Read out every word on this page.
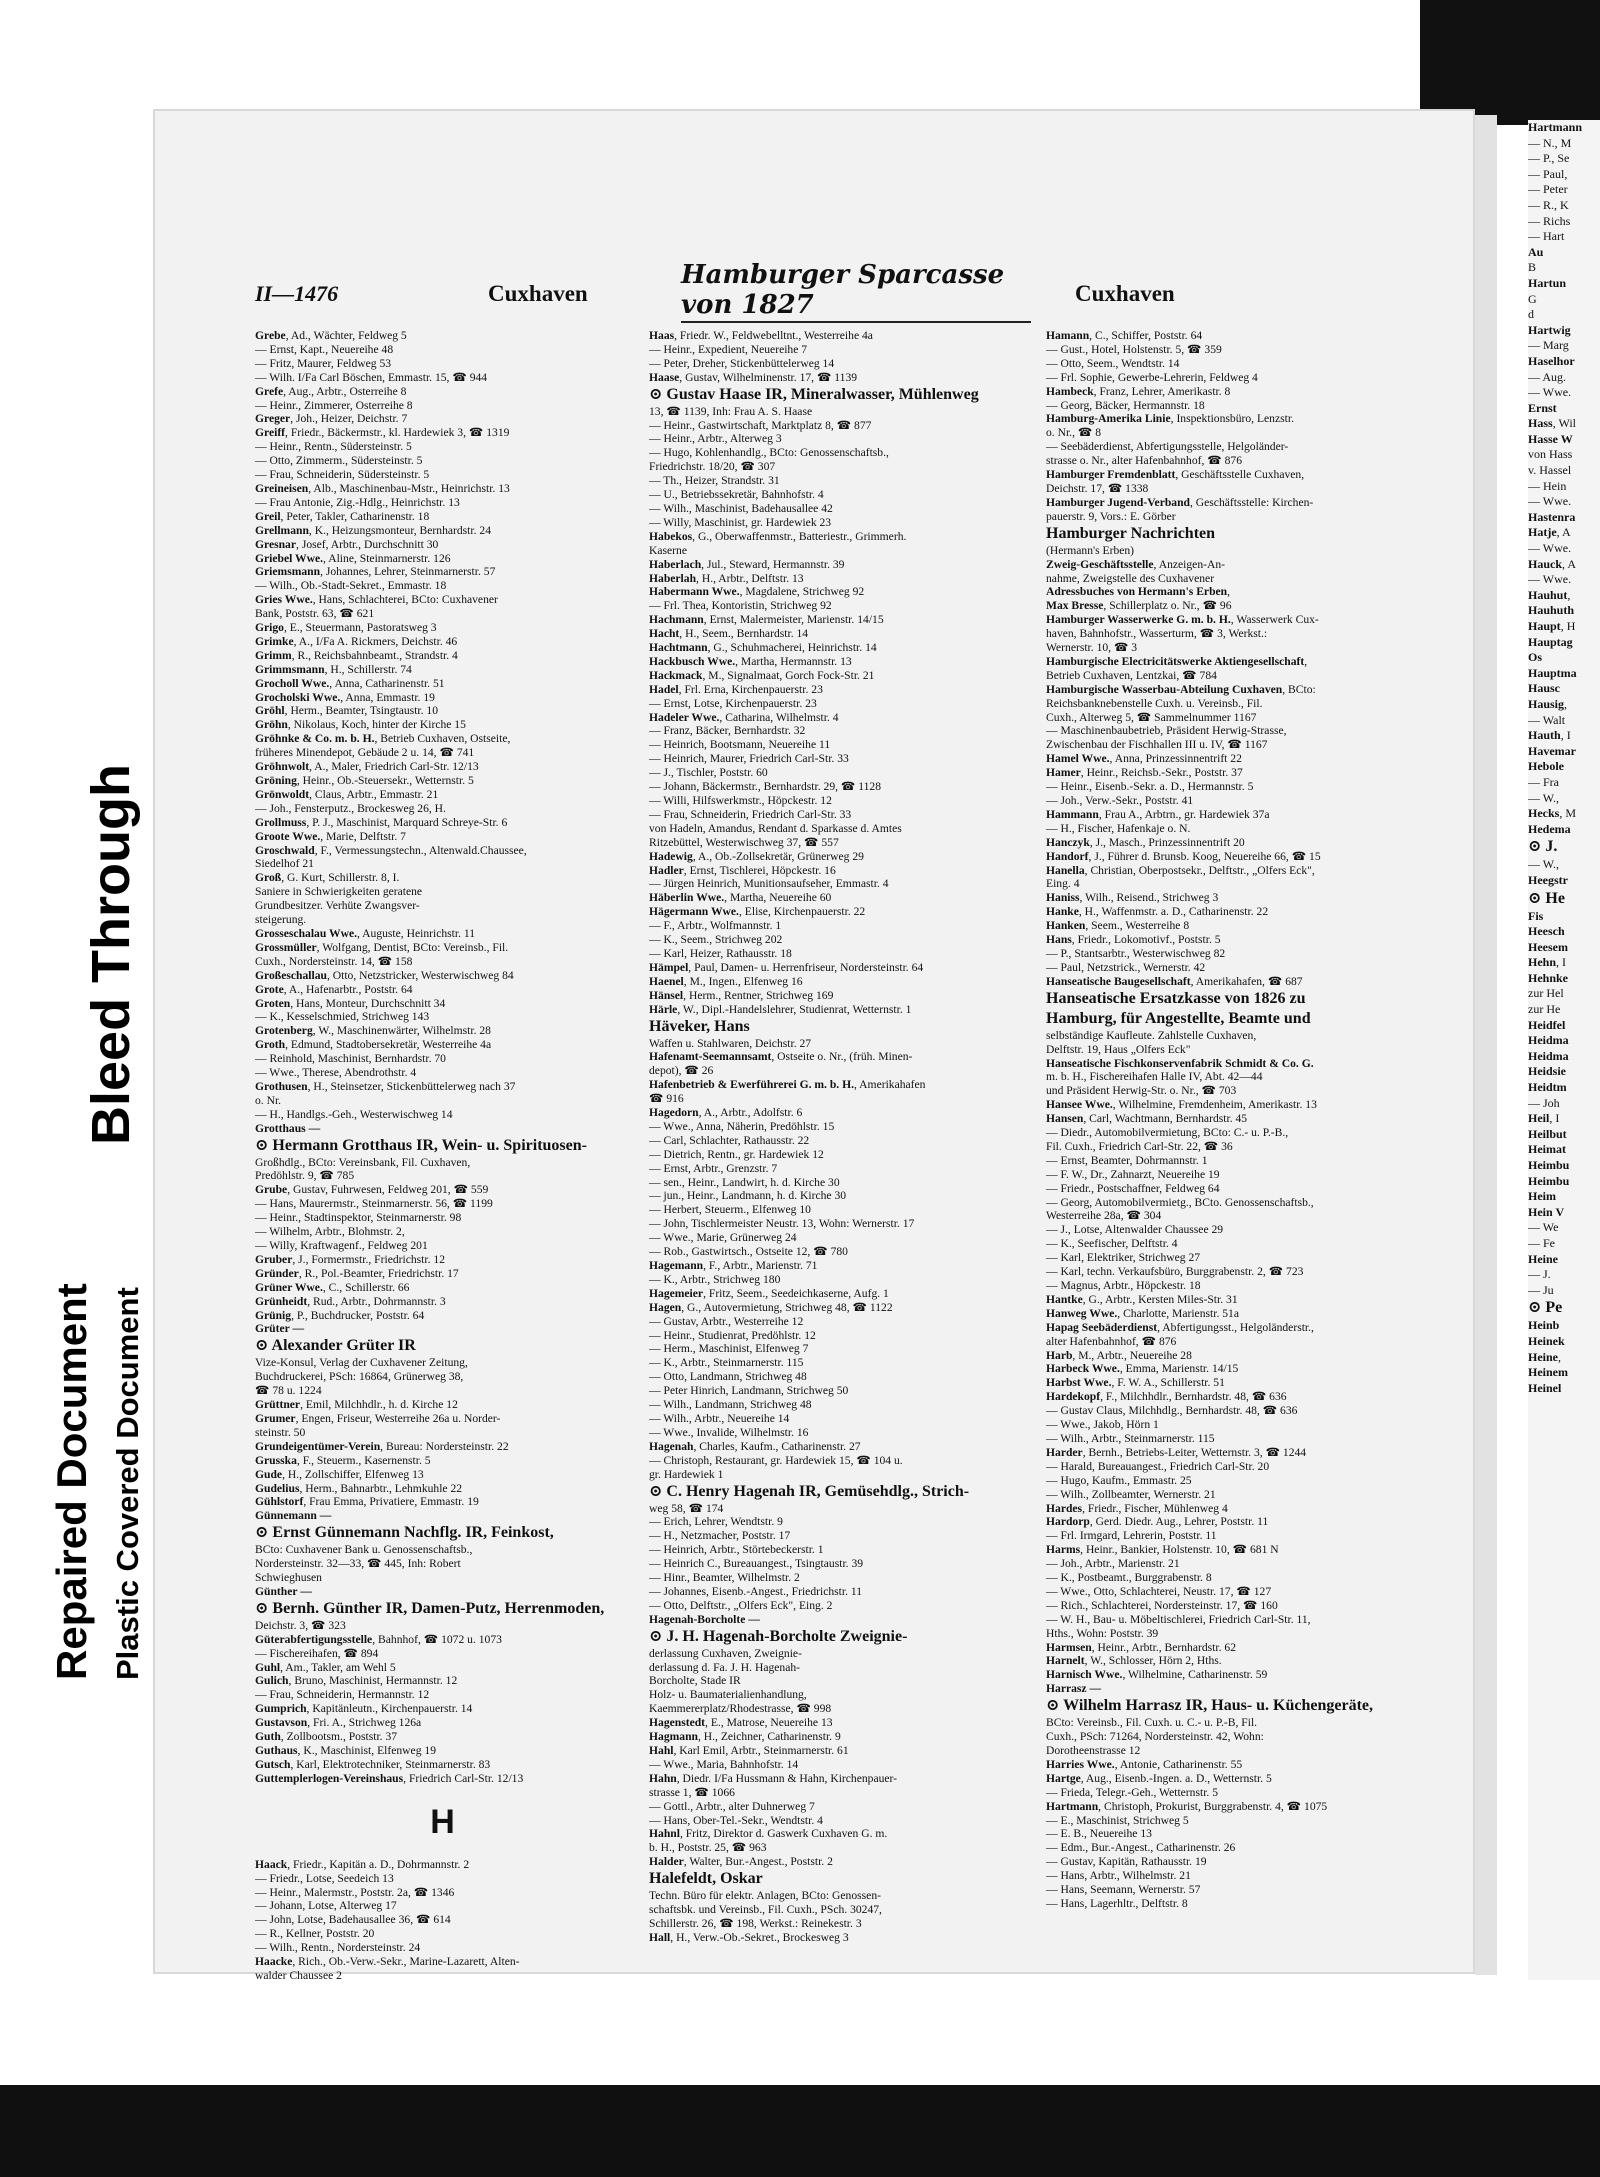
Repaired Document Plastic Covered Document
Bleed Through
II—1476	Cuxhaven
Hamburger Sparcasse von 1827	Cuxhaven
Grebe, Ad., Wächter, Feldweg 5
— Ernst, Kapt., Neuereihe 48
— Fritz, Maurer, Feldweg 53
— Wilh. I/Fa Carl Böschen, Emmastr. 15, ☎ 944
Grefe, Aug., Arbtr., Osterreihe 8
— Heinr., Zimmerer, Osterreihe 8
Greger, Joh., Heizer, Deichstr. 7
Greiff, Friedr., Bäckermstr., kl. Hardewiek 3, ☎ 1319
— Heinr., Rentn., Südersteinstr. 5
— Otto, Zimmerm., Südersteinstr. 5
— Frau, Schneiderin, Südersteinstr. 5
Greineisen, Alb., Maschinenbau-Mstr., Heinrichstr. 13
— Frau Antonie, Zig.-Hdlg., Heinrichstr. 13
Greil, Peter, Takler, Catharinenstr. 18
Grellmann, K., Heizungsmonteur, Bernhardstr. 24
Gresnar, Josef, Arbtr., Durchschnitt 30
Griebel Wwe., Aline, Steinmarnerstr. 126
Griemsmann, Johannes, Lehrer, Steinmarnerstr. 57
— Wilh., Ob.-Stadt-Sekret., Emmastr. 18
Gries Wwe., Hans, Schlachterei, BCto: Cuxhavener
Bank, Poststr. 63, ☎ 621
Grigo, E., Steuermann, Pastoratsweg 3
Grimke, A., I/Fa A. Rickmers, Deichstr. 46
Grimm, R., Reichsbahnbeamt., Strandstr. 4
Grimmsmann, H., Schillerstr. 74
Grocholl Wwe., Anna, Catharinenstr. 51
Grocholski Wwe., Anna, Emmastr. 19
Gröhl, Herm., Beamter, Tsingtaustr. 10
Gröhn, Nikolaus, Koch, hinter der Kirche 15
Gröhnke & Co. m. b. H., Betrieb Cuxhaven, Ostseite,
früheres Minendepot, Gebäude 2 u. 14, ☎ 741
Gröhnwolt, A., Maler, Friedrich Carl-Str. 12/13
Gröning, Heinr., Ob.-Steuersekr., Wetternstr. 5
Grönwoldt, Claus, Arbtr., Emmastr. 21
— Joh., Fensterputz., Brockesweg 26, H.
Grollmuss, P. J., Maschinist, Marquard Schreye-Str. 6
Groote Wwe., Marie, Delftstr. 7
Groschwald, F., Vermessungstechn., Altenwald.Chaussee,
Siedelhof 21
Groß, G. Kurt, Schillerstr. 8, I.
Saniere in Schwierigkeiten geratene
Grundbesitzer. Verhüte Zwangsver-
steigerung.
Grosseschalau Wwe., Auguste, Heinrichstr. 11
Grossmüller, Wolfgang, Dentist, BCto: Vereinsb., Fil.
Cuxh., Nordersteinstr. 14, ☎ 158
Großeschallau, Otto, Netzstricker, Westerwischweg 84
Grote, A., Hafenarbtr., Poststr. 64
Groten, Hans, Monteur, Durchschnitt 34
— K., Kesselschmied, Strichweg 143
Grotenberg, W., Maschinenwärter, Wilhelmstr. 28
Groth, Edmund, Stadtobersekretär, Westerreihe 4a
— Reinhold, Maschinist, Bernhardstr. 70
— Wwe., Therese, Abendrothstr. 4
Grothusen, H., Steinsetzer, Stickenbüttelerweg nach 37
o. Nr.
— H., Handlgs.-Geh., Westerwischweg 14
Grotthaus —
⊙ Hermann Grotthaus IR, Wein- u. Spirituosen-
Großhdlg., BCto: Vereinsbank, Fil. Cuxhaven,
Predöhlstr. 9, ☎ 785
Grube, Gustav, Fuhrwesen, Feldweg 201, ☎ 559
— Hans, Maurermstr., Steinmarnerstr. 56, ☎ 1199
— Heinr., Stadtinspektor, Steinmarnerstr. 98
— Wilhelm, Arbtr., Blohmstr. 2,
— Willy, Kraftwagenf., Feldweg 201
Gruber, J., Formermstr., Friedrichstr. 12
Gründer, R., Pol.-Beamter, Friedrichstr. 17
Grüner Wwe., C., Schillerstr. 66
Grünheidt, Rud., Arbtr., Dohrmannstr. 3
Grünig, P., Buchdrucker, Poststr. 64
Grüter —
⊙ Alexander Grüter IR
Vize-Konsul, Verlag der Cuxhavener Zeitung,
Buchdruckerei, PSch: 16864, Grünerweg 38,
☎ 78 u. 1224
Grüttner, Emil, Milchhdlr., h. d. Kirche 12
Grumer, Engen, Friseur, Westerreihe 26a u. Norder-
steinstr. 50
Grundeigentümer-Verein, Bureau: Nordersteinstr. 22
Grusska, F., Steuerm., Kasernenstr. 5
Gude, H., Zollschiffer, Elfenweg 13
Gudelius, Herm., Bahnarbtr., Lehmkuhle 22
Gühlstorf, Frau Emma, Privatiere, Emmastr. 19
Günnemann —
⊙ Ernst Günnemann Nachflg. IR, Feinkost,
BCto: Cuxhavener Bank u. Genossenschaftsb.,
Nordersteinstr. 32—33, ☎ 445, Inh: Robert
Schwieghusen
Günther —
⊙ Bernh. Günther IR, Damen-Putz, Herrenmoden,
Deichstr. 3, ☎ 323
Güterabfertigungsstelle, Bahnhof, ☎ 1072 u. 1073
— Fischereihafen, ☎ 894
Guhl, Am., Takler, am Wehl 5
Gulich, Bruno, Maschinist, Hermannstr. 12
— Frau, Schneiderin, Hermannstr. 12
Gumprich, Kapitänleutn., Kirchenpauerstr. 14
Gustavson, Fri. A., Strichweg 126a
Guth, Zollbootsm., Poststr. 37
Guthaus, K., Maschinist, Elfenweg 19
Gutsch, Karl, Elektrotechniker, Steinmarnerstr. 83
Guttemplerlogen-Vereinshaus, Friedrich Carl-Str. 12/13
H
Haack, Friedr., Kapitän a. D., Dohrmannstr. 2
— Friedr., Lotse, Seedeich 13
— Heinr., Malermstr., Poststr. 2a, ☎ 1346
— Johann, Lotse, Alterweg 17
— John, Lotse, Badehausallee 36, ☎ 614
— R., Kellner, Poststr. 20
— Wilh., Rentn., Nordersteinstr. 24
Haacke, Rich., Ob.-Verw.-Sekr., Marine-Lazarett, Alten-
walder Chaussee 2
Haas, Friedr. W., Feldwebelltnt., Westerreihe 4a
— Heinr., Expedient, Neuereihe 7
— Peter, Dreher, Stickenbüttelerweg 14
Haase, Gustav, Wilhelminenstr. 17, ☎ 1139
⊙ Gustav Haase IR, Mineralwasser, Mühlenweg
13, ☎ 1139, Inh: Frau A. S. Haase
— Heinr., Gastwirtschaft, Marktplatz 8, ☎ 877
— Heinr., Arbtr., Alterweg 3
— Hugo, Kohlenhandlg., BCto: Genossenschaftsb.,
Friedrichstr. 18/20, ☎ 307
— Th., Heizer, Strandstr. 31
— U., Betriebssekretär, Bahnhofstr. 4
— Wilh., Maschinist, Badehausallee 42
— Willy, Maschinist, gr. Hardewiek 23
Habekos, G., Oberwaffenmstr., Batteriestr., Grimmerh.
Kaserne
Haberlach, Jul., Steward, Hermannstr. 39
Haberlah, H., Arbtr., Delftstr. 13
Habermann Wwe., Magdalene, Strichweg 92
— Frl. Thea, Kontoristin, Strichweg 92
Hachmann, Ernst, Malermeister, Marienstr. 14/15
Hacht, H., Seem., Bernhardstr. 14
Hachtmann, G., Schuhmacherei, Heinrichstr. 14
Hackbusch Wwe., Martha, Hermannstr. 13
Hackmack, M., Signalmaat, Gorch Fock-Str. 21
Hadel, Frl. Erna, Kirchenpauerstr. 23
— Ernst, Lotse, Kirchenpauerstr. 23
Hadeler Wwe., Catharina, Wilhelmstr. 4
— Franz, Bäcker, Bernhardstr. 32
— Heinrich, Bootsmann, Neuereihe 11
— Heinrich, Maurer, Friedrich Carl-Str. 33
— J., Tischler, Poststr. 60
— Johann, Bäckermstr., Bernhardstr. 29, ☎ 1128
— Willi, Hilfswerkmstr., Höpckestr. 12
— Frau, Schneiderin, Friedrich Carl-Str. 33
von Hadeln, Amandus, Rendant d. Sparkasse d. Amtes
Ritzebüttel, Westerwischweg 37, ☎ 557
Hadewig, A., Ob.-Zollsekretär, Grünerweg 29
Hadler, Ernst, Tischlerei, Höpckestr. 16
— Jürgen Heinrich, Munitionsaufseher, Emmastr. 4
Häberlin Wwe., Martha, Neuereihe 60
Hägermann Wwe., Elise, Kirchenpauerstr. 22
— F., Arbtr., Wolfmannstr. 1
— K., Seem., Strichweg 202
— Karl, Heizer, Rathausstr. 18
Hämpel, Paul, Damen- u. Herrenfriseur, Nordersteinstr. 64
Haenel, M., Ingen., Elfenweg 16
Hänsel, Herm., Rentner, Strichweg 169
Härle, W., Dipl.-Handelslehrer, Studienrat, Wetternstr. 1
Häveker, Hans
Waffen u. Stahlwaren, Deichstr. 27
Hafenamt-Seemannsamt, Ostseite o. Nr., (früh. Minen-
depot), ☎ 26
Hafenbetrieb & Ewerführerei G. m. b. H., Amerikahafen
☎ 916
Hagedorn, A., Arbtr., Adolfstr. 6
— Wwe., Anna, Näherin, Predöhlstr. 15
— Carl, Schlachter, Rathausstr. 22
— Dietrich, Rentn., gr. Hardewiek 12
— Ernst, Arbtr., Grenzstr. 7
— sen., Heinr., Landwirt, h. d. Kirche 30
— jun., Heinr., Landmann, h. d. Kirche 30
— Herbert, Steuerm., Elfenweg 10
— John, Tischlermeister Neustr. 13, Wohn: Wernerstr. 17
— Wwe., Marie, Grünerweg 24
— Rob., Gastwirtsch., Ostseite 12, ☎ 780
Hagemann, F., Arbtr., Marienstr. 71
— K., Arbtr., Strichweg 180
Hagemeier, Fritz, Seem., Seedeichkaserne, Aufg. 1
Hagen, G., Autovermietung, Strichweg 48, ☎ 1122
— Gustav, Arbtr., Westerreihe 12
— Heinr., Studienrat, Predöhlstr. 12
— Herm., Maschinist, Elfenweg 7
— K., Arbtr., Steinmarnerstr. 115
— Otto, Landmann, Strichweg 48
— Peter Hinrich, Landmann, Strichweg 50
— Wilh., Landmann, Strichweg 48
— Wilh., Arbtr., Neuereihe 14
— Wwe., Invalide, Wilhelmstr. 16
Hagenah, Charles, Kaufm., Catharinenstr. 27
— Christoph, Restaurant, gr. Hardewiek 15, ☎ 104 u.
gr. Hardewiek 1
⊙ C. Henry Hagenah IR, Gemüsehdlg., Strich-
weg 58, ☎ 174
— Erich, Lehrer, Wendtstr. 9
— H., Netzmacher, Poststr. 17
— Heinrich, Arbtr., Störtebeckerstr. 1
— Heinrich C., Bureauangest., Tsingtaustr. 39
— Hinr., Beamter, Wilhelmstr. 2
— Johannes, Eisenb.-Angest., Friedrichstr. 11
— Otto, Delftstr., „Olfers Eck", Eing. 2
Hagenah-Borcholte —
⊙ J. H. Hagenah-Borcholte Zweignie-
derlassung Cuxhaven, Zweignie-
derlassung d. Fa. J. H. Hagenah-
Borcholte, Stade IR
Holz- u. Baumaterialienhandlung,
Kaemmererplatz/Rhodestrasse, ☎ 998
Hagenstedt, E., Matrose, Neuereihe 13
Hagmann, H., Zeichner, Catharinenstr. 9
Hahl, Karl Emil, Arbtr., Steinmarnerstr. 61
— Wwe., Maria, Bahnhofstr. 14
Hahn, Diedr. I/Fa Hussmann & Hahn, Kirchenpauer-
strasse 1, ☎ 1066
— Gottl., Arbtr., alter Duhnerweg 7
— Hans, Ober-Tel.-Sekr., Wendtstr. 4
Hahnl, Fritz, Direktor d. Gaswerk Cuxhaven G. m.
b. H., Poststr. 25, ☎ 963
Halder, Walter, Bur.-Angest., Poststr. 2
Halefeldt, Oskar
Techn. Büro für elektr. Anlagen, BCto: Genossen-
schaftsbk. und Vereinsb., Fil. Cuxh., PSch. 30247,
Schillerstr. 26, ☎ 198, Werkst.: Reinekestr. 3
Hall, H., Verw.-Ob.-Sekret., Brockesweg 3
Hamann, C., Schiffer, Poststr. 64
— Gust., Hotel, Holstenstr. 5, ☎ 359
— Otto, Seem., Wendtstr. 14
— Frl. Sophie, Gewerbe-Lehrerin, Feldweg 4
Hambeck, Franz, Lehrer, Amerikastr. 8
— Georg, Bäcker, Hermannstr. 18
Hamburg-Amerika Linie, Inspektionsbüro, Lenzstr.
o. Nr., ☎ 8
— Seebäderdienst, Abfertigungsstelle, Helgoländer-
strasse o. Nr., alter Hafenbahnhof, ☎ 876
Hamburger Fremdenblatt, Geschäftsstelle Cuxhaven,
Deichstr. 17, ☎ 1338
Hamburger Jugend-Verband, Geschäftsstelle: Kirchen-
pauerstr. 9, Vors.: E. Görber
Hamburger Nachrichten
(Hermann's Erben)
Zweig-Geschäftsstelle, Anzeigen-An-
nahme, Zweigstelle des Cuxhavener
Adressbuches von Hermann's Erben,
Max Bresse, Schillerplatz o. Nr., ☎ 96
Hamburger Wasserwerke G. m. b. H., Wasserwerk Cux-
haven, Bahnhofstr., Wasserturm, ☎ 3, Werkst.:
Wernerstr. 10, ☎ 3
Hamburgische Electricitätswerke Aktiengesellschaft,
Betrieb Cuxhaven, Lentzkai, ☎ 784
Hamburgische Wasserbau-Abteilung Cuxhaven, BCto:
Reichsbanknebenstelle Cuxh. u. Vereinsb., Fil.
Cuxh., Alterweg 5, ☎ Sammelnummer 1167
— Maschinenbaubetrieb, Präsident Herwig-Strasse,
Zwischenbau der Fischhallen III u. IV, ☎ 1167
Hamel Wwe., Anna, Prinzessinnentrift 22
Hamer, Heinr., Reichsb.-Sekr., Poststr. 37
— Heinr., Eisenb.-Sekr. a. D., Hermannstr. 5
— Joh., Verw.-Sekr., Poststr. 41
Hammann, Frau A., Arbtrn., gr. Hardewiek 37a
— H., Fischer, Hafenkaje o. N.
Hanczyk, J., Masch., Prinzessinnentrift 20
Handorf, J., Führer d. Brunsb. Koog, Neuereihe 66, ☎ 15
Hanella, Christian, Oberpostsekr., Delftstr., „Olfers Eck",
Eing. 4
Haniss, Wilh., Reisend., Strichweg 3
Hanke, H., Waffenmstr. a. D., Catharinenstr. 22
Hanken, Seem., Westerreihe 8
Hans, Friedr., Lokomotivf., Poststr. 5
— P., Stantsarbtr., Westerwischweg 82
— Paul, Netzstrick., Wernerstr. 42
Hanseatische Baugesellschaft, Amerikahafen, ☎ 687
Hanseatische Ersatzkasse von 1826 zu
Hamburg, für Angestellte, Beamte und
selbständige Kaufleute. Zahlstelle Cuxhaven,
Delftstr. 19, Haus „Olfers Eck"
Hanseatische Fischkonservenfabrik Schmidt & Co. G.
m. b. H., Fischereihafen Halle IV, Abt. 42—44
und Präsident Herwig-Str. o. Nr., ☎ 703
Hansee Wwe., Wilhelmine, Fremdenheim, Amerikastr. 13
Hansen, Carl, Wachtmann, Bernhardstr. 45
— Diedr., Automobilvermietung, BCto: C.- u. P.-B.,
Fil. Cuxh., Friedrich Carl-Str. 22, ☎ 36
— Ernst, Beamter, Dohrmannstr. 1
— F. W., Dr., Zahnarzt, Neuereihe 19
— Friedr., Postschaffner, Feldweg 64
— Georg, Automobilvermietg., BCto. Genossenschaftsb.,
Westerreihe 28a, ☎ 304
— J., Lotse, Altenwalder Chaussee 29
— K., Seefischer, Delftstr. 4
— Karl, Elektriker, Strichweg 27
— Karl, techn. Verkaufsbüro, Burggrabenstr. 2, ☎ 723
— Magnus, Arbtr., Höpckestr. 18
Hantke, G., Arbtr., Kersten Miles-Str. 31
Hanweg Wwe., Charlotte, Marienstr. 51a
Hapag Seebäderdienst, Abfertigungsst., Helgoländerstr.,
alter Hafenbahnhof, ☎ 876
Harb, M., Arbtr., Neuereihe 28
Harbeck Wwe., Emma, Marienstr. 14/15
Harbst Wwe., F. W. A., Schillerstr. 51
Hardekopf, F., Milchhdlr., Bernhardstr. 48, ☎ 636
— Gustav Claus, Milchhdlg., Bernhardstr. 48, ☎ 636
— Wwe., Jakob, Hörn 1
— Wilh., Arbtr., Steinmarnerstr. 115
Harder, Bernh., Betriebs-Leiter, Wetternstr. 3, ☎ 1244
— Harald, Bureauangest., Friedrich Carl-Str. 20
— Hugo, Kaufm., Emmastr. 25
— Wilh., Zollbeamter, Wernerstr. 21
Hardes, Friedr., Fischer, Mühlenweg 4
Hardorp, Gerd. Diedr. Aug., Lehrer, Poststr. 11
— Frl. Irmgard, Lehrerin, Poststr. 11
Harms, Heinr., Bankier, Holstenstr. 10, ☎ 681 N
— Joh., Arbtr., Marienstr. 21
— K., Postbeamt., Burggrabenstr. 8
— Wwe., Otto, Schlachterei, Neustr. 17, ☎ 127
— Rich., Schlachterei, Nordersteinstr. 17, ☎ 160
— W. H., Bau- u. Möbeltischlerei, Friedrich Carl-Str. 11,
Hths., Wohn: Poststr. 39
Harmsen, Heinr., Arbtr., Bernhardstr. 62
Harnelt, W., Schlosser, Hörn 2, Hths.
Harnisch Wwe., Wilhelmine, Catharinenstr. 59
Harrasz —
⊙ Wilhelm Harrasz IR, Haus- u. Küchengeräte,
BCto: Vereinsb., Fil. Cuxh. u. C.- u. P.-B, Fil.
Cuxh., PSch: 71264, Nordersteinstr. 42, Wohn:
Dorotheenstrasse 12
Harries Wwe., Antonie, Catharinenstr. 55
Hartge, Aug., Eisenb.-Ingen. a. D., Wetternstr. 5
— Frieda, Telegr.-Geh., Wetternstr. 5
Hartmann, Christoph, Prokurist, Burggrabenstr. 4, ☎ 1075
— E., Maschinist, Strichweg 5
— E. B., Neuereihe 13
— Edm., Bur.-Angest., Catharinenstr. 26
— Gustav, Kapitän, Rathausstr. 19
— Hans, Arbtr., Wilhelmstr. 21
— Hans, Seemann, Wernerstr. 57
— Hans, Lagerhltr., Delftstr. 8
Hartmann
— N., M
— P., Se
— Paul,
— Peter
— R., K
— Richs
— Hart
Au
B
Hartun
G
d
Hartwig
— Marg
Haselhor
— Aug.
— Wwe.
Ernst
Hass, Wil
Hasse W
von Hass
v. Hassel
— Hein
— Wwe.
Hastenra
Hatje, A
— Wwe.
Hauck, A
— Wwe.
Hauhut,
Hauhuth
Haupt, H
Hauptag
Os
Hauptma
Hausc
Hausig,
— Walt
Hauth, I
Havemar
Hebole
— Fra
— W.,
Hecks, M
Hedema
⊙ J.
— W.,
Heegstr
⊙ He
Fis
Heesch
Heesem
Hehn, I
Hehnke
zur Hel
zur He
Heidfel
Heidma
Heidma
Heidsie
Heidtm
— Joh
Heil, I
Heilbut
Heimat
Heimbu
Heimbu
Heim
Hein V
— We
— Fe
Heine
— J.
— Ju
⊙ Pe
Heinb
Heinek
Heine,
Heinem
Heinel
